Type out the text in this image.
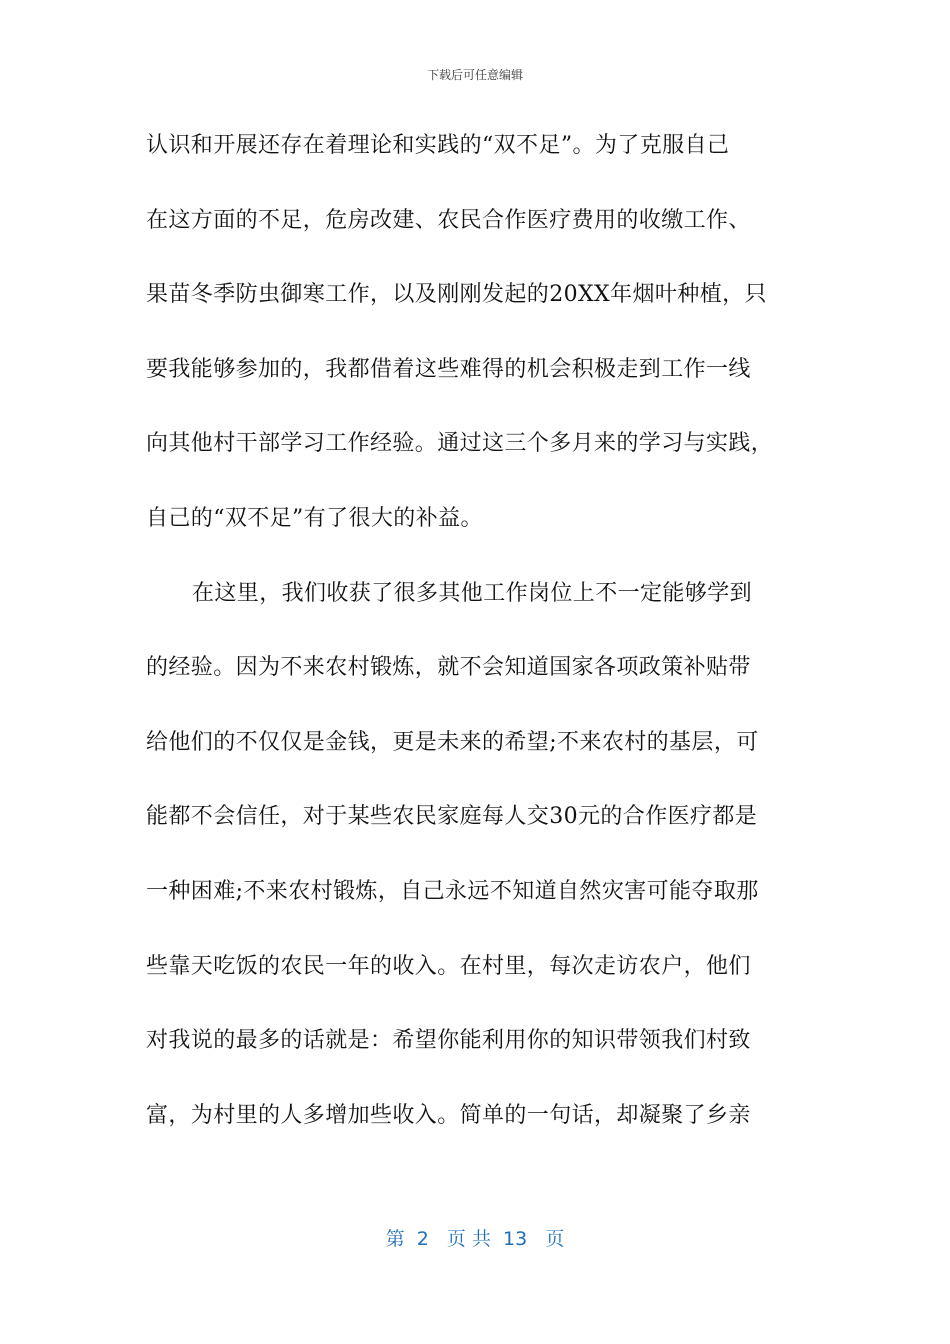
下载后可任意编辑
认识和开展还存在着理论和实践的“双不足”。为了克服自己
在这方面的不足，危房改建、农民合作医疗费用的收缴工作、
果苗冬季防虫御寒工作，以及刚刚发起的20XX年烟叶种植，只
要我能够参加的，我都借着这些难得的机会积极走到工作一线
向其他村干部学习工作经验。通过这三个多月来的学习与实践，
自己的“双不足”有了很大的补益。
在这里，我们收获了很多其他工作岗位上不一定能够学到
的经验。因为不来农村锻炼，就不会知道国家各项政策补贴带
给他们的不仅仅是金钱，更是未来的希望;不来农村的基层，可
能都不会信任，对于某些农民家庭每人交30元的合作医疗都是
一种困难;不来农村锻炼，自己永远不知道自然灾害可能夺取那
些靠天吃饭的农民一年的收入。在村里，每次走访农户，他们
对我说的最多的话就是：希望你能利用你的知识带领我们村致
富，为村里的人多增加些收入。简单的一句话，却凝聚了乡亲
第  2   页 共  13   页
